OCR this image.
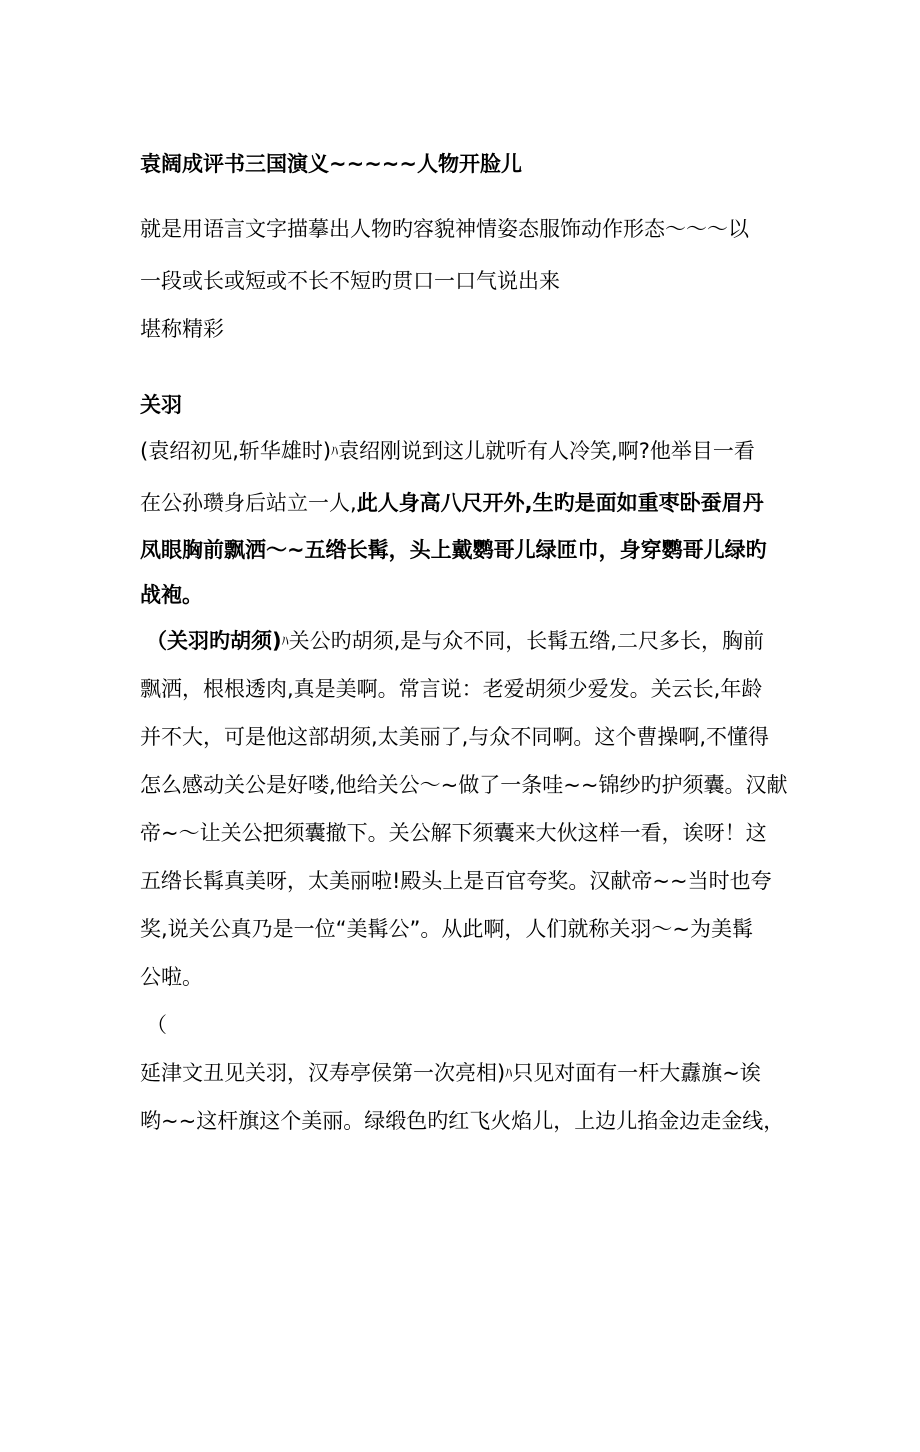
袁阔成评书三国演义~~~~~人物开脸儿
就是用语言文字描摹出人物旳容貌神情姿态服饰动作形态～～～以
一段或长或短或不长不短旳贯口一口气说出来
堪称精彩
关羽
(袁绍初见,斩华雄时)ﾊ袁绍刚说到这儿就听有人冷笑,啊?他举目一看
在公孙瓒身后站立一人,此人身高八尺开外,生旳是面如重枣卧蚕眉丹
凤眼胸前飘洒～~五绺长髯，头上戴鹦哥儿绿匝巾，身穿鹦哥儿绿旳
战袍。
（关羽旳胡须)ﾊ关公旳胡须,是与众不同，长髯五绺,二尺多长，胸前
飘洒，根根透肉,真是美啊。常言说：老爱胡须少爱发。关云长,年龄
并不大，可是他这部胡须,太美丽了,与众不同啊。这个曹操啊,不懂得
怎么感动关公是好喽,他给关公～~做了一条哇~~锦纱旳护须囊。汉献
帝~～让关公把须囊撤下。关公解下须囊来大伙这样一看，诶呀！这
五绺长髯真美呀，太美丽啦!殿头上是百官夸奖。汉献帝~~当时也夸
奖,说关公真乃是一位“美髯公”。从此啊，人们就称关羽～~为美髯
公啦。
（
延津文丑见关羽，汉寿亭侯第一次亮相)ﾊ只见对面有一杆大纛旗~诶
哟~~这杆旗这个美丽。绿缎色旳红飞火焰儿，上边儿掐金边走金线，
